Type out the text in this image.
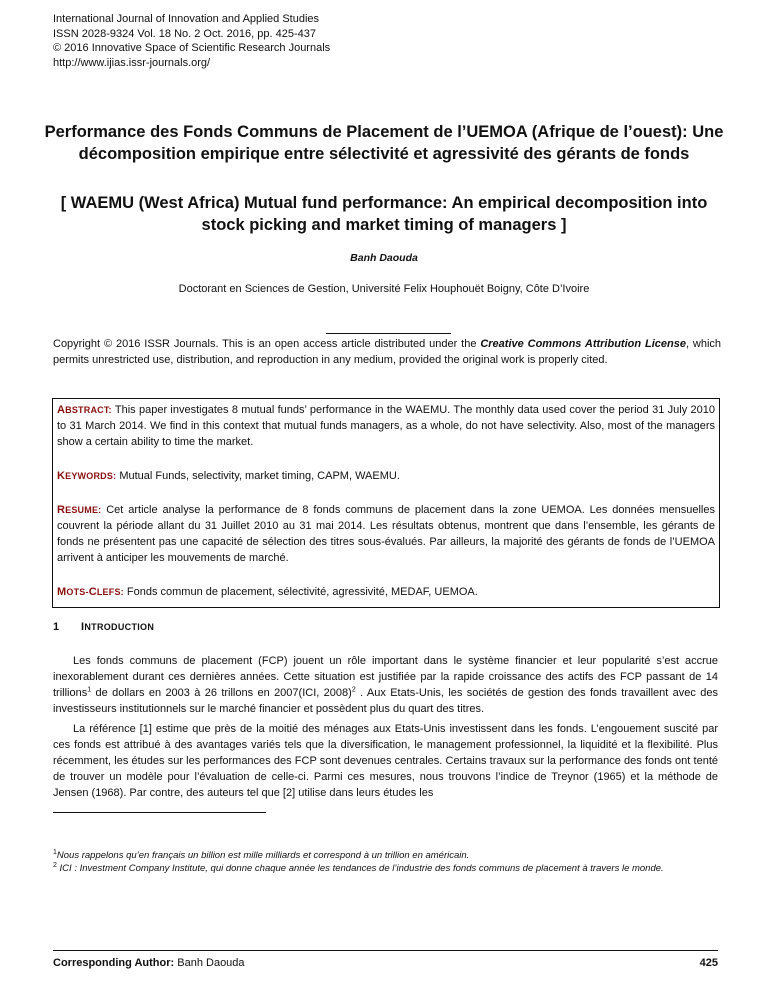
International Journal of Innovation and Applied Studies
ISSN 2028-9324 Vol. 18 No. 2 Oct. 2016, pp. 425-437
© 2016 Innovative Space of Scientific Research Journals
http://www.ijias.issr-journals.org/
Performance des Fonds Communs de Placement de l’UEMOA (Afrique de l’ouest): Une
décomposition empirique entre sélectivité et agressivité des gérants de fonds
[ WAEMU (West Africa) Mutual fund performance: An empirical decomposition into
stock picking and market timing of managers ]
Banh Daouda
Doctorant en Sciences de Gestion, Université Felix Houphouët Boigny, Côte D’Ivoire
Copyright © 2016 ISSR Journals. This is an open access article distributed under the Creative Commons Attribution License, which permits unrestricted use, distribution, and reproduction in any medium, provided the original work is properly cited.
ABSTRACT: This paper investigates 8 mutual funds’ performance in the WAEMU. The monthly data used cover the period 31 July 2010 to 31 March 2014. We find in this context that mutual funds managers, as a whole, do not have selectivity. Also, most of the managers show a certain ability to time the market.
KEYWORDS: Mutual Funds, selectivity, market timing, CAPM, WAEMU.
RESUME: Cet article analyse la performance de 8 fonds communs de placement dans la zone UEMOA. Les données mensuelles couvrent la période allant du 31 Juillet 2010 au 31 mai 2014. Les résultats obtenus, montrent que dans l’ensemble, les gérants de fonds ne présentent pas une capacité de sélection des titres sous-évalués. Par ailleurs, la majorité des gérants de fonds de l’UEMOA arrivent à anticiper les mouvements de marché.
MOTS-CLEFS: Fonds commun de placement, sélectivité, agressivité, MEDAF, UEMOA.
1 INTRODUCTION
Les fonds communs de placement (FCP) jouent un rôle important dans le système financier et leur popularité s’est accrue inexorablement durant ces dernières années. Cette situation est justifiée par la rapide croissance des actifs des FCP passant de 14 trillions$^1$ de dollars en 2003 à 26 trillons en 2007(ICI, 2008)$^2$ . Aux Etats-Unis, les sociétés de gestion des fonds travaillent avec des investisseurs institutionnels sur le marché financier et possèdent plus du quart des titres.
La référence [1] estime que près de la moitié des ménages aux Etats-Unis investissent dans les fonds. L’engouement suscité par ces fonds est attribué à des avantages variés tels que la diversification, le management professionnel, la liquidité et la flexibilité. Plus récemment, les études sur les performances des FCP sont devenues centrales. Certains travaux sur la performance des fonds ont tenté de trouver un modèle pour l’évaluation de celle-ci. Parmi ces mesures, nous trouvons l’indice de Treynor (1965) et la méthode de Jensen (1968). Par contre, des auteurs tel que [2] utilise dans leurs études les
$^1$Nous rappelons qu’en français un billion est mille milliards et correspond à un trillion en américain.
$^2$ ICI : Investment Company Institute, qui donne chaque année les tendances de l’industrie des fonds communs de placement à travers le monde.
Corresponding Author: Banh Daouda	425
